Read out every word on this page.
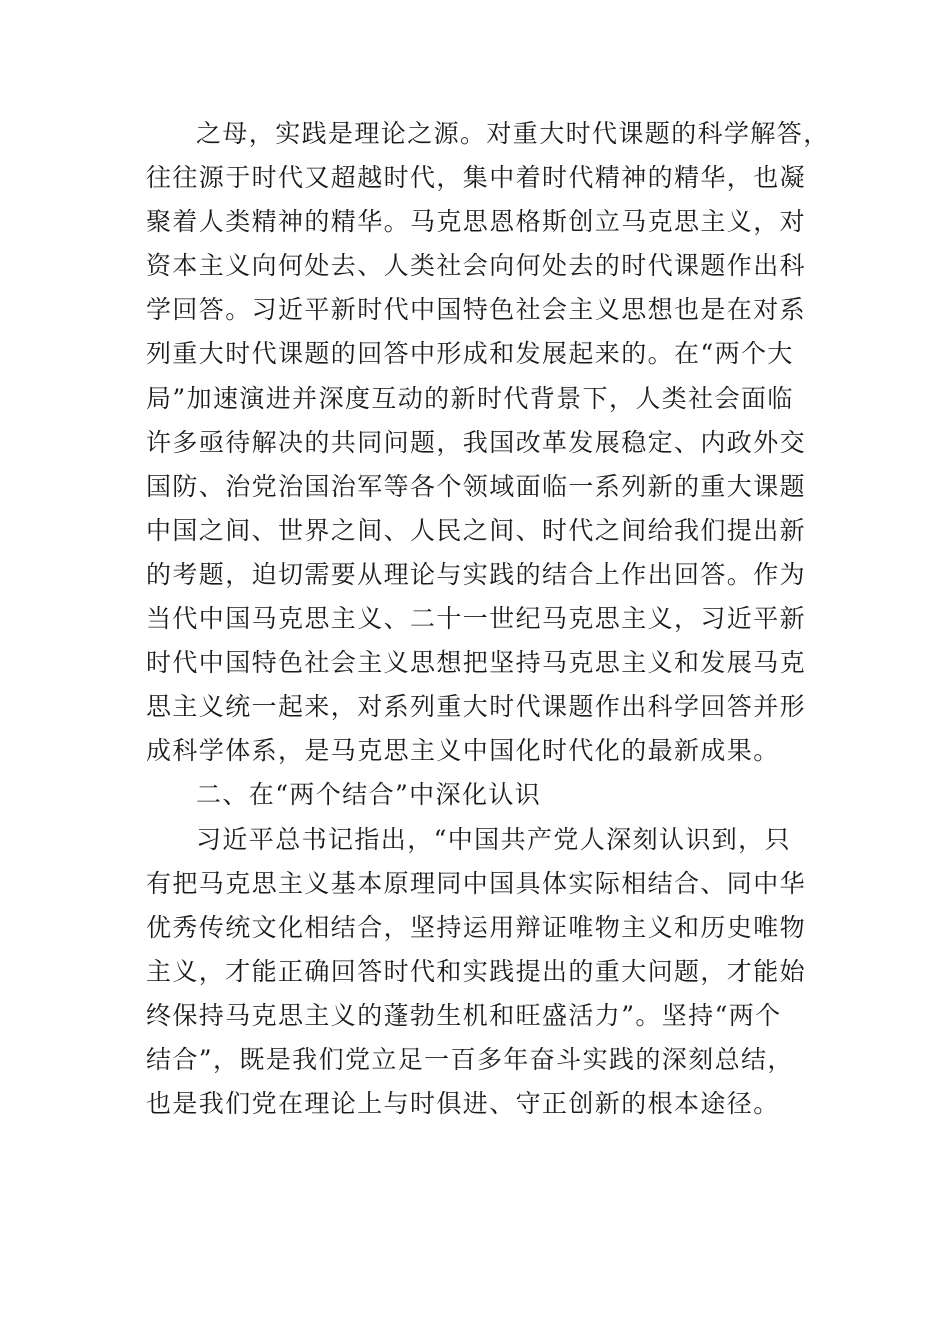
之母，实践是理论之源。对重大时代课题的科学解答，
往往源于时代又超越时代，集中着时代精神的精华，也凝
聚着人类精神的精华。马克思恩格斯创立马克思主义，对
资本主义向何处去、人类社会向何处去的时代课题作出科
学回答。习近平新时代中国特色社会主义思想也是在对系
列重大时代课题的回答中形成和发展起来的。在“两个大
局”加速演进并深度互动的新时代背景下，人类社会面临
许多亟待解决的共同问题，我国改革发展稳定、内政外交
国防、治党治国治军等各个领域面临一系列新的重大课题
中国之间、世界之间、人民之间、时代之间给我们提出新
的考题，迫切需要从理论与实践的结合上作出回答。作为
当代中国马克思主义、二十一世纪马克思主义，习近平新
时代中国特色社会主义思想把坚持马克思主义和发展马克
思主义统一起来，对系列重大时代课题作出科学回答并形
成科学体系，是马克思主义中国化时代化的最新成果。
二、在“两个结合”中深化认识
习近平总书记指出，“中国共产党人深刻认识到，只
有把马克思主义基本原理同中国具体实际相结合、同中华
优秀传统文化相结合，坚持运用辩证唯物主义和历史唯物
主义，才能正确回答时代和实践提出的重大问题，才能始
终保持马克思主义的蓬勃生机和旺盛活力”。坚持“两个
结合”，既是我们党立足一百多年奋斗实践的深刻总结，
也是我们党在理论上与时俱进、守正创新的根本途径。
